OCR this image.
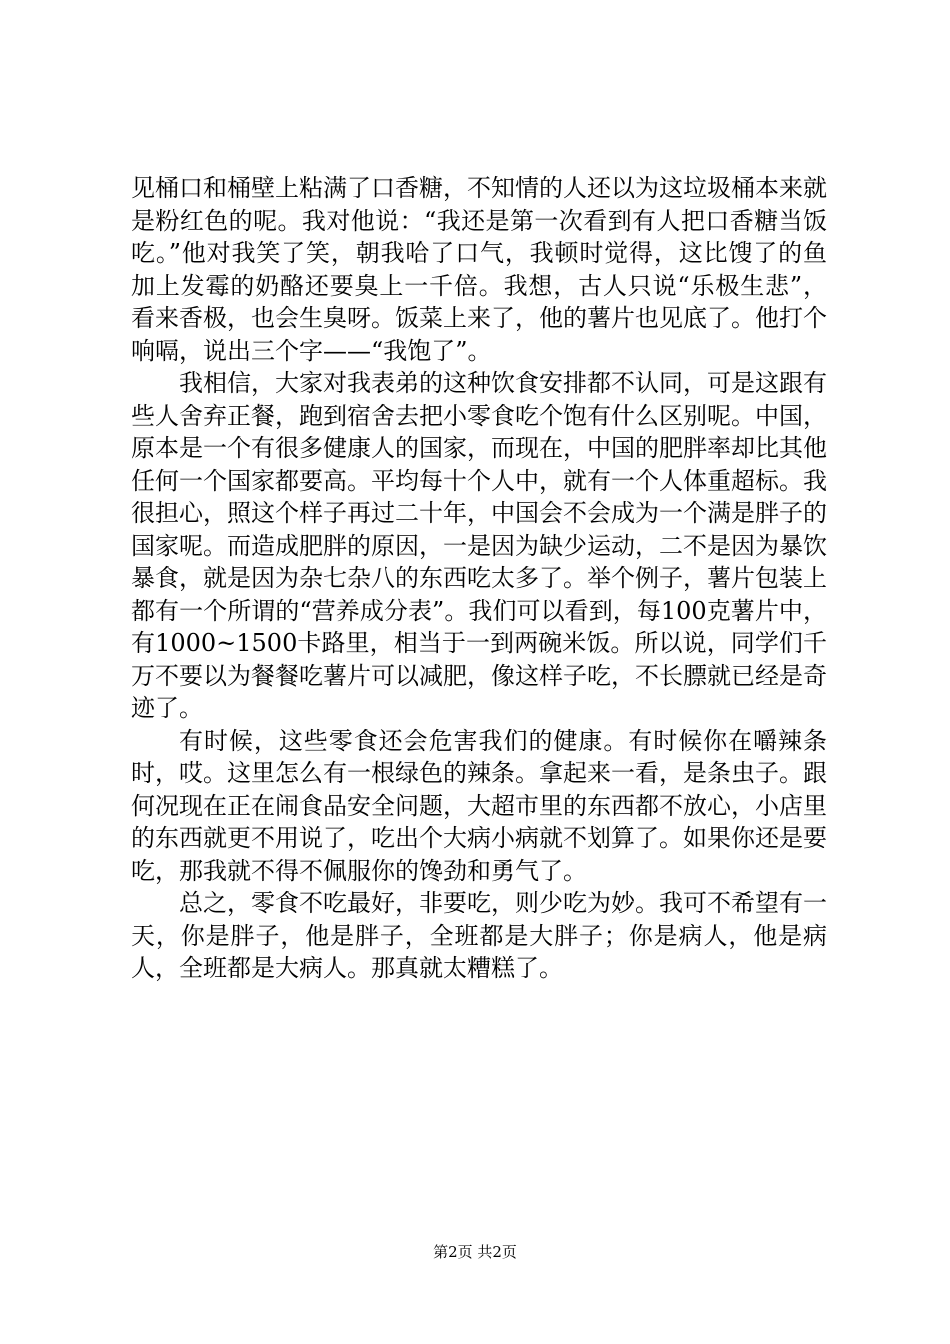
见桶口和桶壁上粘满了口香糖，不知情的人还以为这垃圾桶本来就是粉红色的呢。我对他说：“我还是第一次看到有人把口香糖当饭吃。”他对我笑了笑，朝我哈了口气，我顿时觉得，这比馊了的鱼加上发霉的奶酪还要臭上一千倍。我想，古人只说“乐极生悲”，看来香极，也会生臭呀。饭菜上来了，他的薯片也见底了。他打个响嗝，说出三个字——“我饱了”。

我相信，大家对我表弟的这种饮食安排都不认同，可是这跟有些人舍弃正餐，跑到宿舍去把小零食吃个饱有什么区别呢。中国，原本是一个有很多健康人的国家，而现在，中国的肥胖率却比其他任何一个国家都要高。平均每十个人中，就有一个人体重超标。我很担心，照这个样子再过二十年，中国会不会成为一个满是胖子的国家呢。而造成肥胖的原因，一是因为缺少运动，二不是因为暴饮暴食，就是因为杂七杂八的东西吃太多了。举个例子，薯片包装上都有一个所谓的“营养成分表”。我们可以看到，每100克薯片中，有1000~1500卡路里，相当于一到两碗米饭。所以说，同学们千万不要以为餐餐吃薯片可以减肥，像这样子吃，不长膘就已经是奇迹了。

有时候，这些零食还会危害我们的健康。有时候你在嚼辣条时，哎。这里怎么有一根绿色的辣条。拿起来一看，是条虫子。跟何况现在正在闹食品安全问题，大超市里的东西都不放心，小店里的东西就更不用说了，吃出个大病小病就不划算了。如果你还是要吃，那我就不得不佩服你的馋劲和勇气了。

总之，零食不吃最好，非要吃，则少吃为妙。我可不希望有一天，你是胖子，他是胖子，全班都是大胖子；你是病人，他是病人，全班都是大病人。那真就太糟糕了。

第2页 共2页
